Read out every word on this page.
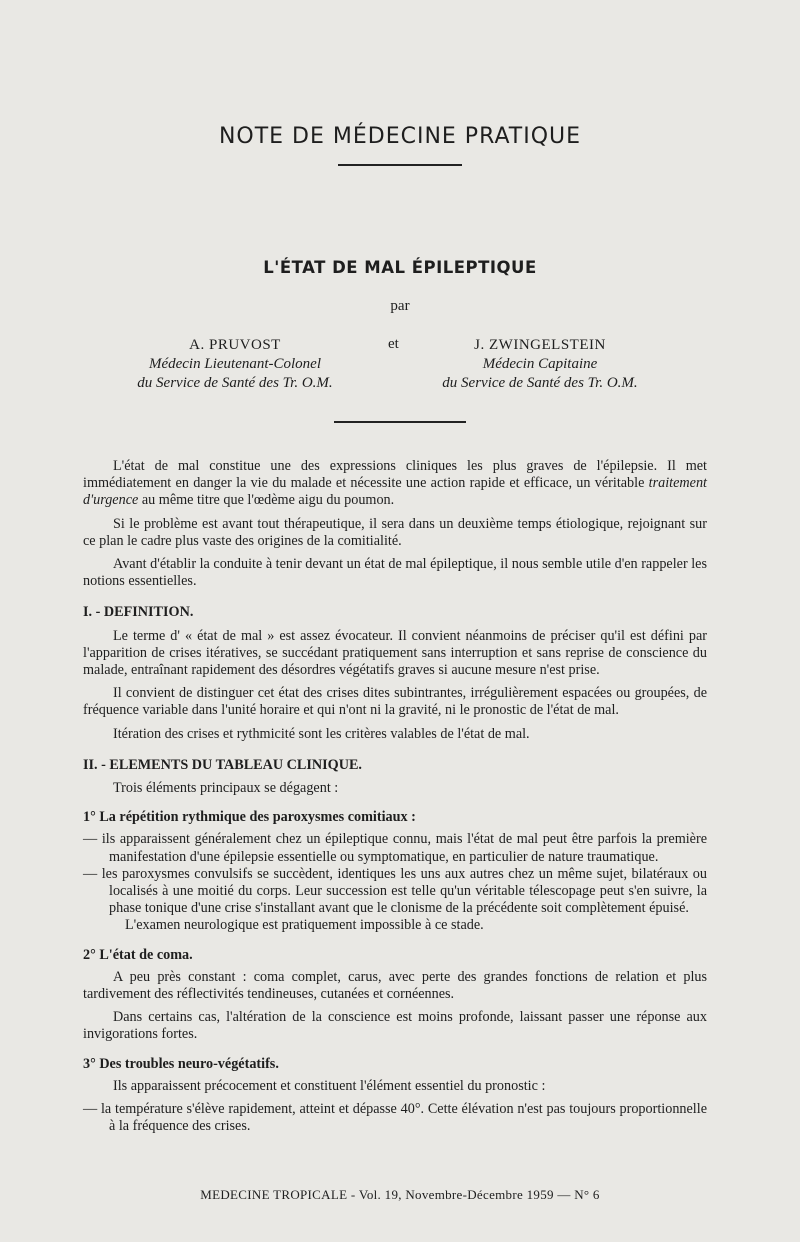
NOTE DE MÉDECINE PRATIQUE
L'ÉTAT DE MAL ÉPILEPTIQUE
par
A. PRUVOST
Médecin Lieutenant-Colonel
du Service de Santé des Tr. O.M.
et	J. ZWINGELSTEIN
Médecin Capitaine
du Service de Santé des Tr. O.M.

L'état de mal constitue une des expressions cliniques les plus graves de l'épilepsie. Il met immédiatement en danger la vie du malade et nécessite une action rapide et efficace, un véritable traitement d'urgence au même titre que l'œdème aigu du poumon.

Si le problème est avant tout thérapeutique, il sera dans un deuxième temps étiologique, rejoignant sur ce plan le cadre plus vaste des origines de la comitialité.

Avant d'établir la conduite à tenir devant un état de mal épileptique, il nous semble utile d'en rappeler les notions essentielles.

I. - DEFINITION.

Le terme d' « état de mal » est assez évocateur. Il convient néanmoins de préciser qu'il est défini par l'apparition de crises itératives, se succédant pratiquement sans interruption et sans reprise de conscience du malade, entraînant rapidement des désordres végétatifs graves si aucune mesure n'est prise.

Il convient de distinguer cet état des crises dites subintrantes, irrégulièrement espacées ou groupées, de fréquence variable dans l'unité horaire et qui n'ont ni la gravité, ni le pronostic de l'état de mal.

Itération des crises et rythmicité sont les critères valables de l'état de mal.

II. - ELEMENTS DU TABLEAU CLINIQUE.

Trois éléments principaux se dégagent :

1° La répétition rythmique des paroxysmes comitiaux :

— ils apparaissent généralement chez un épileptique connu, mais l'état de mal peut être parfois la première manifestation d'une épilepsie essentielle ou symptomatique, en particulier de nature traumatique.

— les paroxysmes convulsifs se succèdent, identiques les uns aux autres chez un même sujet, bilatéraux ou localisés à une moitié du corps. Leur succession est telle qu'un véritable télescopage peut s'en suivre, la phase tonique d'une crise s'installant avant que le clonisme de la précédente soit complètement épuisé.

L'examen neurologique est pratiquement impossible à ce stade.

2° L'état de coma.

A peu près constant : coma complet, carus, avec perte des grandes fonctions de relation et plus tardivement des réflectivités tendineuses, cutanées et cornéennes.

Dans certains cas, l'altération de la conscience est moins profonde, laissant passer une réponse aux invigorations fortes.

3° Des troubles neuro-végétatifs.

Ils apparaissent précocement et constituent l'élément essentiel du pronostic :

— la température s'élève rapidement, atteint et dépasse 40°. Cette élévation n'est pas toujours proportionnelle à la fréquence des crises.

MEDECINE TROPICALE - Vol. 19, Novembre-Décembre 1959 — N° 6
